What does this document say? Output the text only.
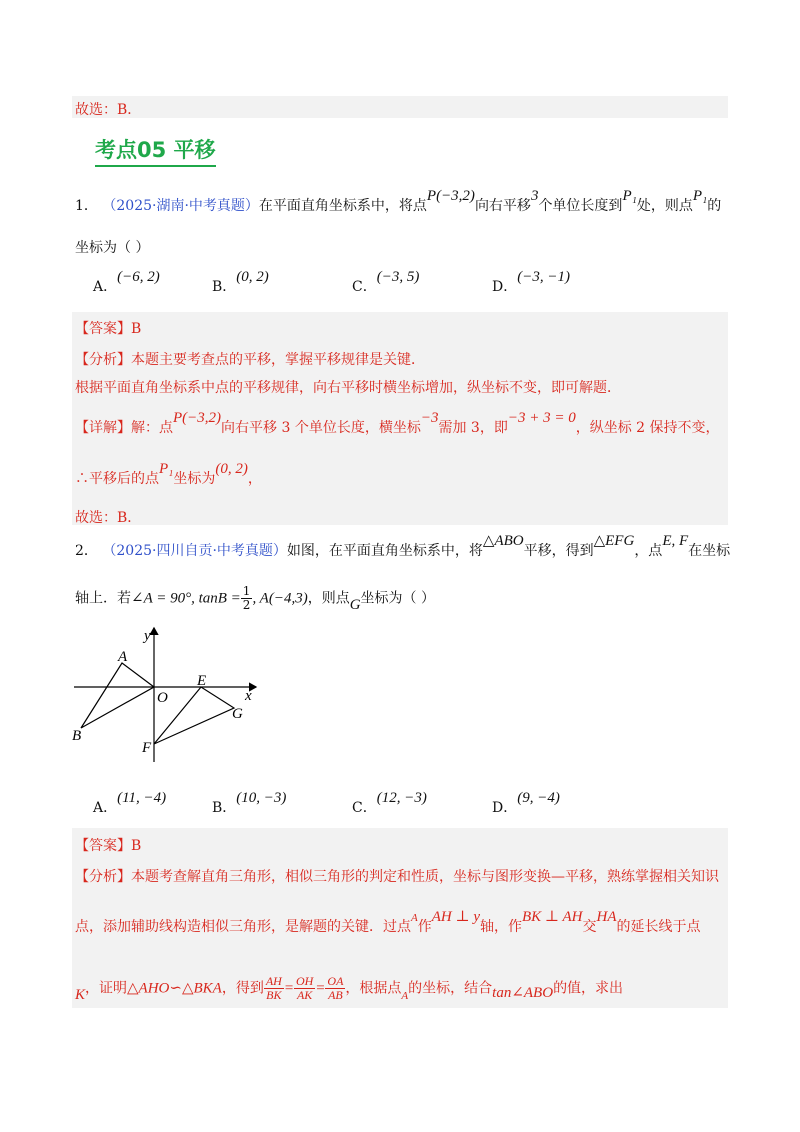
故选：B．
考点05 平移
1． （2025·湖南·中考真题）在平面直角坐标系中，将点P(−3,2)向右平移3个单位长度到P₁处，则点P₁的
坐标为（ ）
A．(−6, 2)
B．(0, 2)
C．(−3, 5)
D．(−3, −1)
【答案】B
【分析】本题主要考查点的平移，掌握平移规律是关键．
根据平面直角坐标系中点的平移规律，向右平移时横坐标增加，纵坐标不变，即可解题．
【详解】解：点P(−3,2)向右平移 3 个单位长度，横坐标−3需加 3，即−3 + 3 = 0，纵坐标 2 保持不变，
∴平移后的点P₁坐标为(0, 2)，
故选：B．
2． （2025·四川自贡·中考真题）如图，在平面直角坐标系中，将△ABO平移，得到△EFG，点E, F在坐标
轴上．若∠A = 90°, $\tan B = \frac{1}{2}$ , A(−4,3)，则点G坐标为（ ）
y
x
A
O
E
G
B
F
A．(11, −4)
B．(10, −3)
C．(12, −3)
D．(9, −4)
【答案】B
【分析】本题考查解直角三角形，相似三角形的判定和性质，坐标与图形变换—平移，熟练掌握相关知识
点，添加辅助线构造相似三角形，是解题的关键．过点$^A$作AH ⊥ y轴，作BK ⊥ AH交HA的延长线于点
K，证明△AHO∽△BKA，得到 $\frac{AH}{BK} = \frac{OH}{AK} = \frac{OA}{AB}$ ，根据点$_A$的坐标，结合tan∠ABO的值，求出
